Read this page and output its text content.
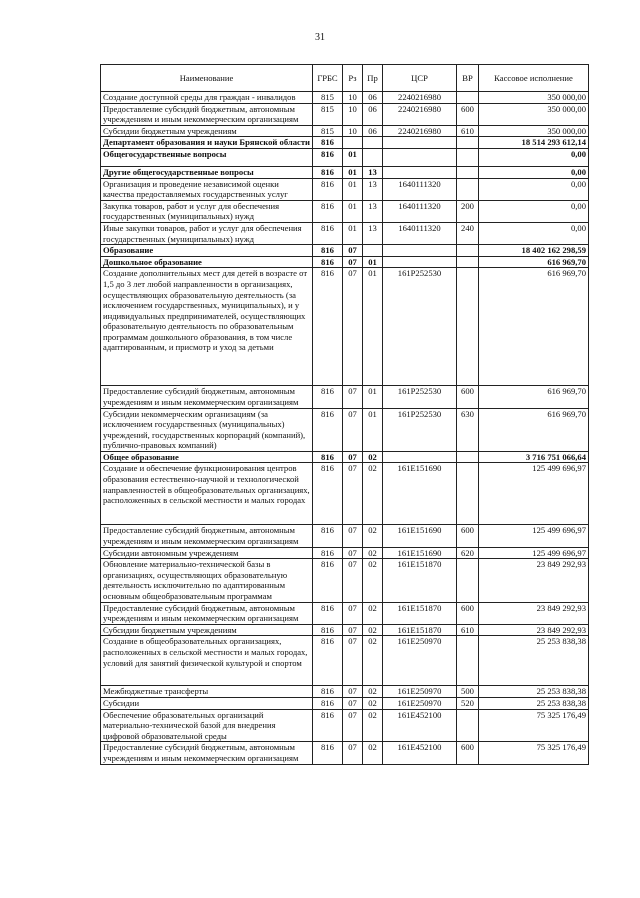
31
Наименование	ГРБС	Рз	Пр	ЦСР	ВР	Кассовое исполнение
Создание доступной среды для граждан - инвалидов	815	10	06	2240216980		350 000,00
Предоставление субсидий бюджетным, автономным учреждениям и иным некоммерческим организациям	815	10	06	2240216980	600	350 000,00
Субсидии бюджетным учреждениям	815	10	06	2240216980	610	350 000,00
Департамент образования и науки Брянской области	816					18 514 293 612,14
Общегосударственные вопросы	816	01				0,00
Другие общегосударственные вопросы	816	01	13			0,00
Организация и проведение независимой оценки качества предоставляемых государственных услуг	816	01	13	1640111320		0,00
Закупка товаров, работ и услуг для обеспечения государственных (муниципальных) нужд	816	01	13	1640111320	200	0,00
Иные закупки товаров, работ и услуг для обеспечения государственных (муниципальных) нужд	816	01	13	1640111320	240	0,00
Образование	816	07				18 402 162 298,59
Дошкольное образование	816	07	01			616 969,70
Создание дополнительных мест для детей в возрасте от 1,5 до 3 лет любой направленности в организациях, осуществляющих образовательную деятельность (за исключением государственных, муниципальных), и у индивидуальных предпринимателей, осуществляющих образовательную деятельность по образовательным программам дошкольного образования, в том числе адаптированным, и присмотр и уход за детьми	816	07	01	161P252530		616 969,70
Предоставление субсидий бюджетным, автономным учреждениям и иным некоммерческим организациям	816	07	01	161P252530	600	616 969,70
Субсидии некоммерческим организациям (за исключением государственных (муниципальных) учреждений, государственных корпораций (компаний), публично-правовых компаний)	816	07	01	161P252530	630	616 969,70
Общее образование	816	07	02			3 716 751 066,64
Создание и обеспечение функционирования центров образования естественно-научной и технологической направленностей в общеобразовательных организациях, расположенных в сельской местности и малых городах	816	07	02	161E151690		125 499 696,97
Предоставление субсидий бюджетным, автономным учреждениям и иным некоммерческим организациям	816	07	02	161E151690	600	125 499 696,97
Субсидии автономным учреждениям	816	07	02	161E151690	620	125 499 696,97
Обновление материально-технической базы в организациях, осуществляющих образовательную деятельность исключительно по адаптированным основным общеобразовательным программам	816	07	02	161E151870		23 849 292,93
Предоставление субсидий бюджетным, автономным учреждениям и иным некоммерческим организациям	816	07	02	161E151870	600	23 849 292,93
Субсидии бюджетным учреждениям	816	07	02	161E151870	610	23 849 292,93
Создание в общеобразовательных организациях, расположенных в сельской местности и малых городах, условий для занятий физической культурой и спортом	816	07	02	161E250970		25 253 838,38
Межбюджетные трансферты	816	07	02	161E250970	500	25 253 838,38
Субсидии	816	07	02	161E250970	520	25 253 838,38
Обеспечение образовательных организаций материально-технической базой для внедрения цифровой образовательной среды	816	07	02	161E452100		75 325 176,49
Предоставление субсидий бюджетным, автономным учреждениям и иным некоммерческим организациям	816	07	02	161E452100	600	75 325 176,49
